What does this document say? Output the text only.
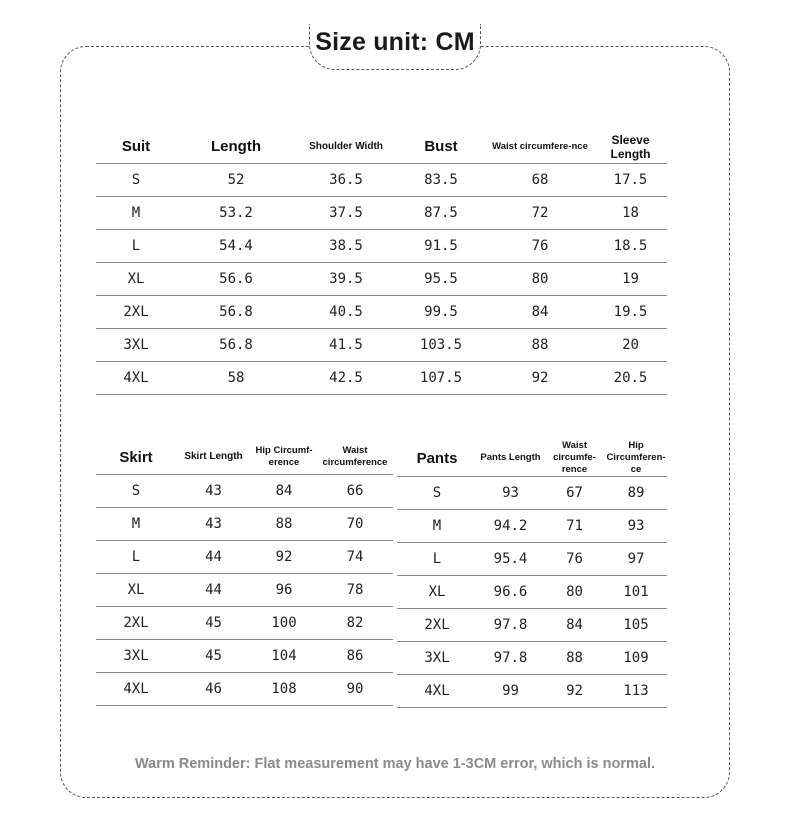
Size unit: CM
Suit	Length	Shoulder Width	Bust	Waist circumfere-nce	Sleeve Length
S	52	36.5	83.5	68	17.5
M	53.2	37.5	87.5	72	18
L	54.4	38.5	91.5	76	18.5
XL	56.6	39.5	95.5	80	19
2XL	56.8	40.5	99.5	84	19.5
3XL	56.8	41.5	103.5	88	20
4XL	58	42.5	107.5	92	20.5
Skirt	Skirt Length	Hip Circumf-erence	Waist circumference
S	43	84	66
M	43	88	70
L	44	92	74
XL	44	96	78
2XL	45	100	82
3XL	45	104	86
4XL	46	108	90
Pants	Pants Length	Waist circumfe-rence	Hip Circumferen-ce
S	93	67	89
M	94.2	71	93
L	95.4	76	97
XL	96.6	80	101
2XL	97.8	84	105
3XL	97.8	88	109
4XL	99	92	113
Warm Reminder: Flat measurement may have 1-3CM error, which is normal.
